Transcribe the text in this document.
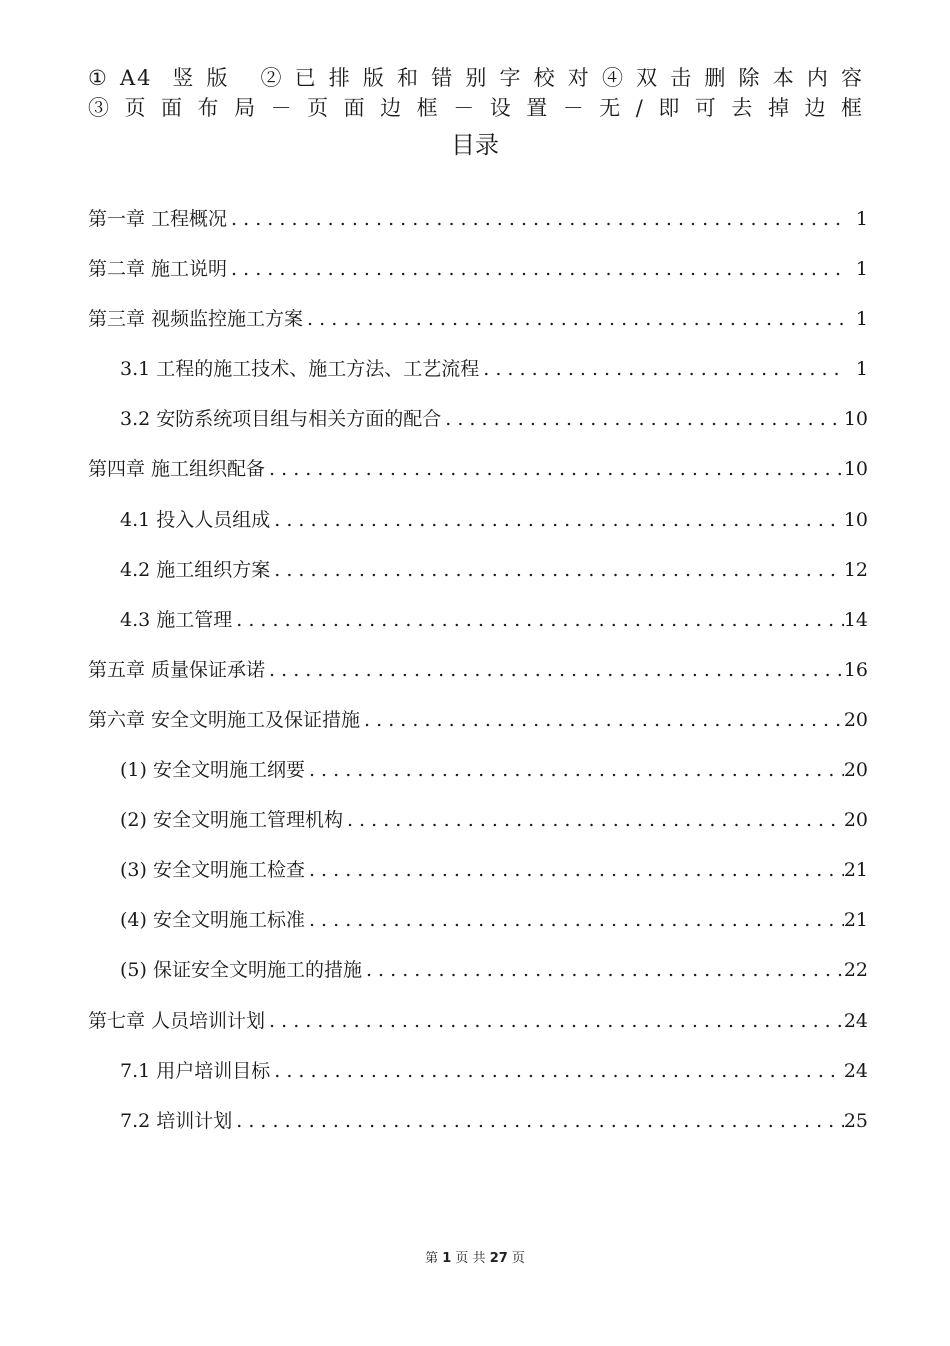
①A4 竖版 ②已排版和错别字校对④双击删除本内容
③页面布局－页面边框－设置－无/即可去掉边框
目录
第一章 工程概况 . . .	1
第二章 施工说明 . . .	1
第三章 视频监控施工方案 . . .	1
3.1 工程的施工技术、施工方法、工艺流程 . . .	1
3.2 安防系统项目组与相关方面的配合 . . .	10
第四章 施工组织配备 . . .	10
4.1 投入人员组成 . . .	10
4.2 施工组织方案 . . .	12
4.3 施工管理 . . .	14
第五章 质量保证承诺 . . .	16
第六章 安全文明施工及保证措施 . . .	20
(1) 安全文明施工纲要 . . .	20
(2) 安全文明施工管理机构 . . .	20
(3) 安全文明施工检查 . . .	21
(4) 安全文明施工标准 . . .	21
(5) 保证安全文明施工的措施 . . .	22
第七章 人员培训计划 . . .	24
7.1 用户培训目标 . . .	24
7.2 培训计划 . . .	25
第 1 页 共 27 页
